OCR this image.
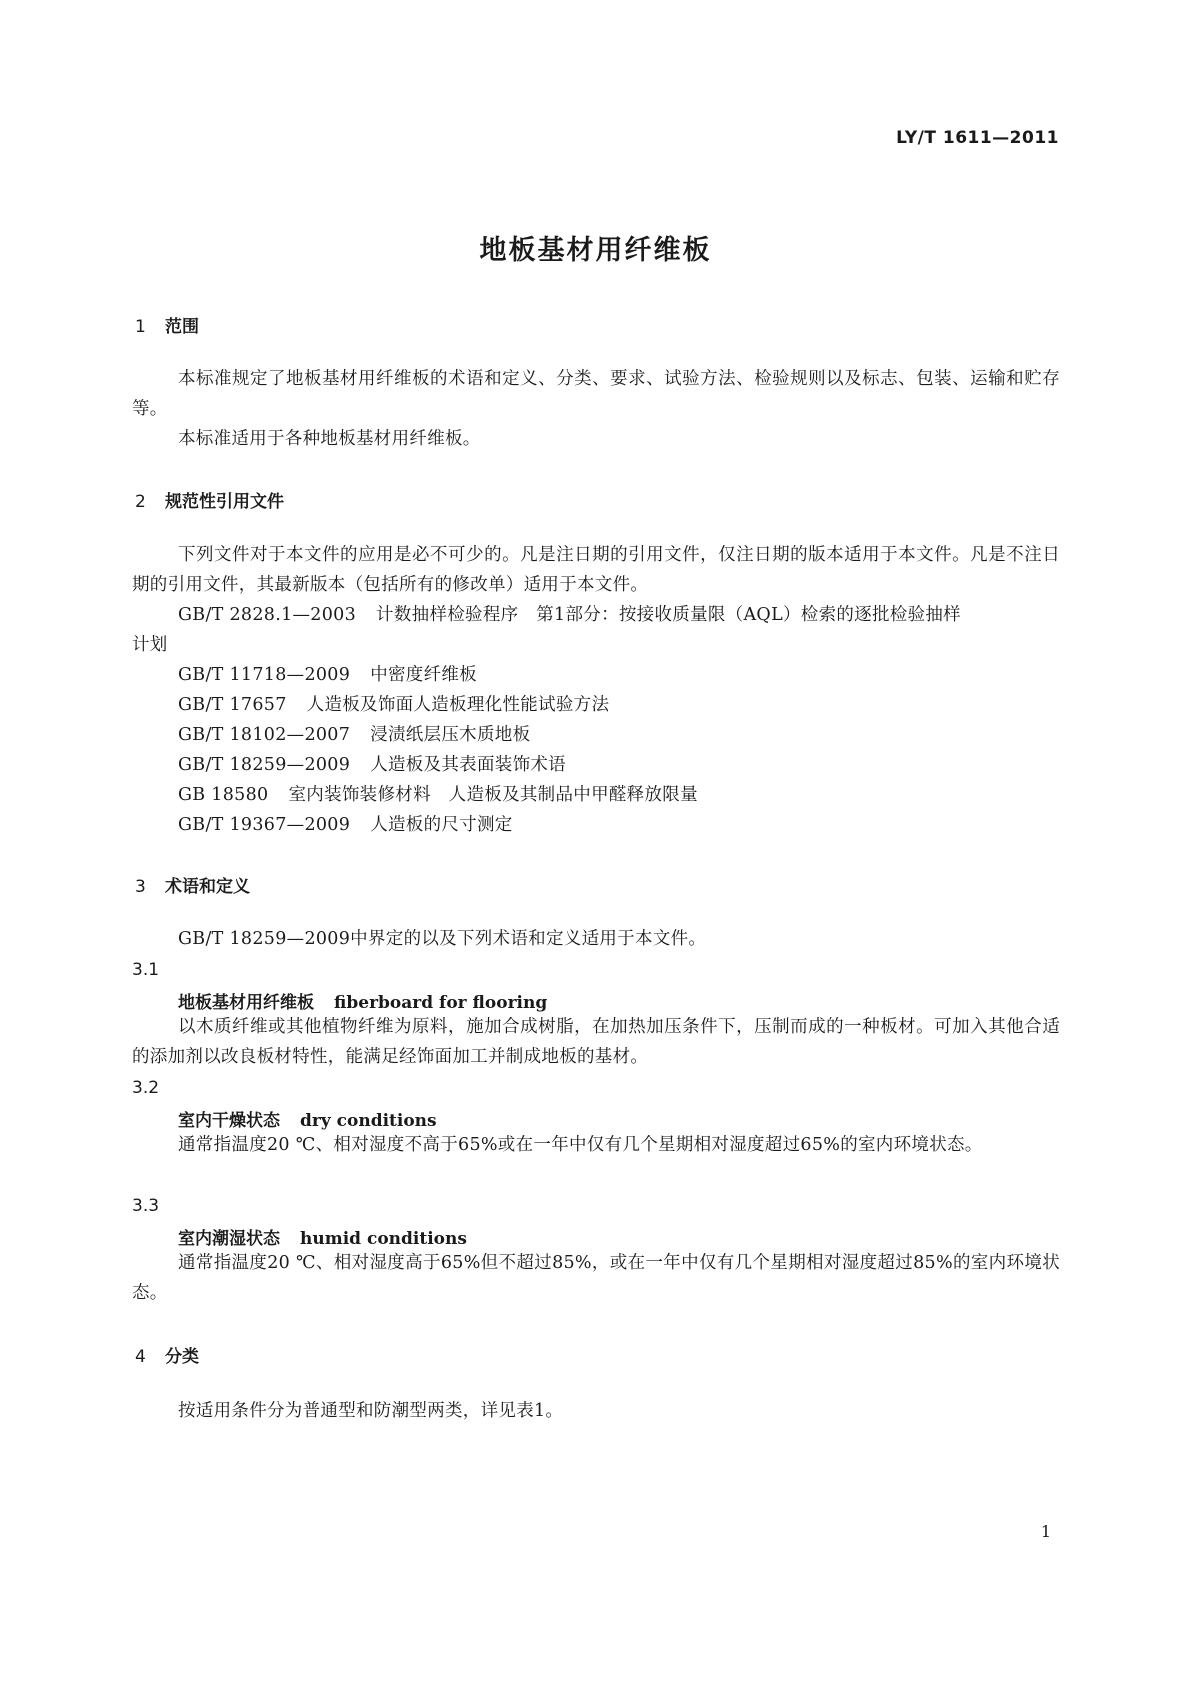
LY/T 1611—2011
地板基材用纤维板
1 范围
本标准规定了地板基材用纤维板的术语和定义、分类、要求、试验方法、检验规则以及标志、包装、运输和贮存等。
本标准适用于各种地板基材用纤维板。
2 规范性引用文件
下列文件对于本文件的应用是必不可少的。凡是注日期的引用文件，仅注日期的版本适用于本文件。凡是不注日期的引用文件，其最新版本（包括所有的修改单）适用于本文件。
GB/T 2828.1—2003 计数抽样检验程序　第1部分：按接收质量限（AQL）检索的逐批检验抽样
计划
GB/T 11718—2009 中密度纤维板
GB/T 17657 人造板及饰面人造板理化性能试验方法
GB/T 18102—2007 浸渍纸层压木质地板
GB/T 18259—2009 人造板及其表面装饰术语
GB 18580 室内装饰装修材料　人造板及其制品中甲醛释放限量
GB/T 19367—2009 人造板的尺寸测定
3 术语和定义
GB/T 18259—2009中界定的以及下列术语和定义适用于本文件。
3.1
地板基材用纤维板 fiberboard for flooring
以木质纤维或其他植物纤维为原料，施加合成树脂，在加热加压条件下，压制而成的一种板材。可加入其他合适的添加剂以改良板材特性，能满足经饰面加工并制成地板的基材。
3.2
室内干燥状态 dry conditions
通常指温度20 ℃、相对湿度不高于65%或在一年中仅有几个星期相对湿度超过65%的室内环境状态。
3.3
室内潮湿状态 humid conditions
通常指温度20 ℃、相对湿度高于65%但不超过85%，或在一年中仅有几个星期相对湿度超过85%的室内环境状态。
4 分类
按适用条件分为普通型和防潮型两类，详见表1。
1
